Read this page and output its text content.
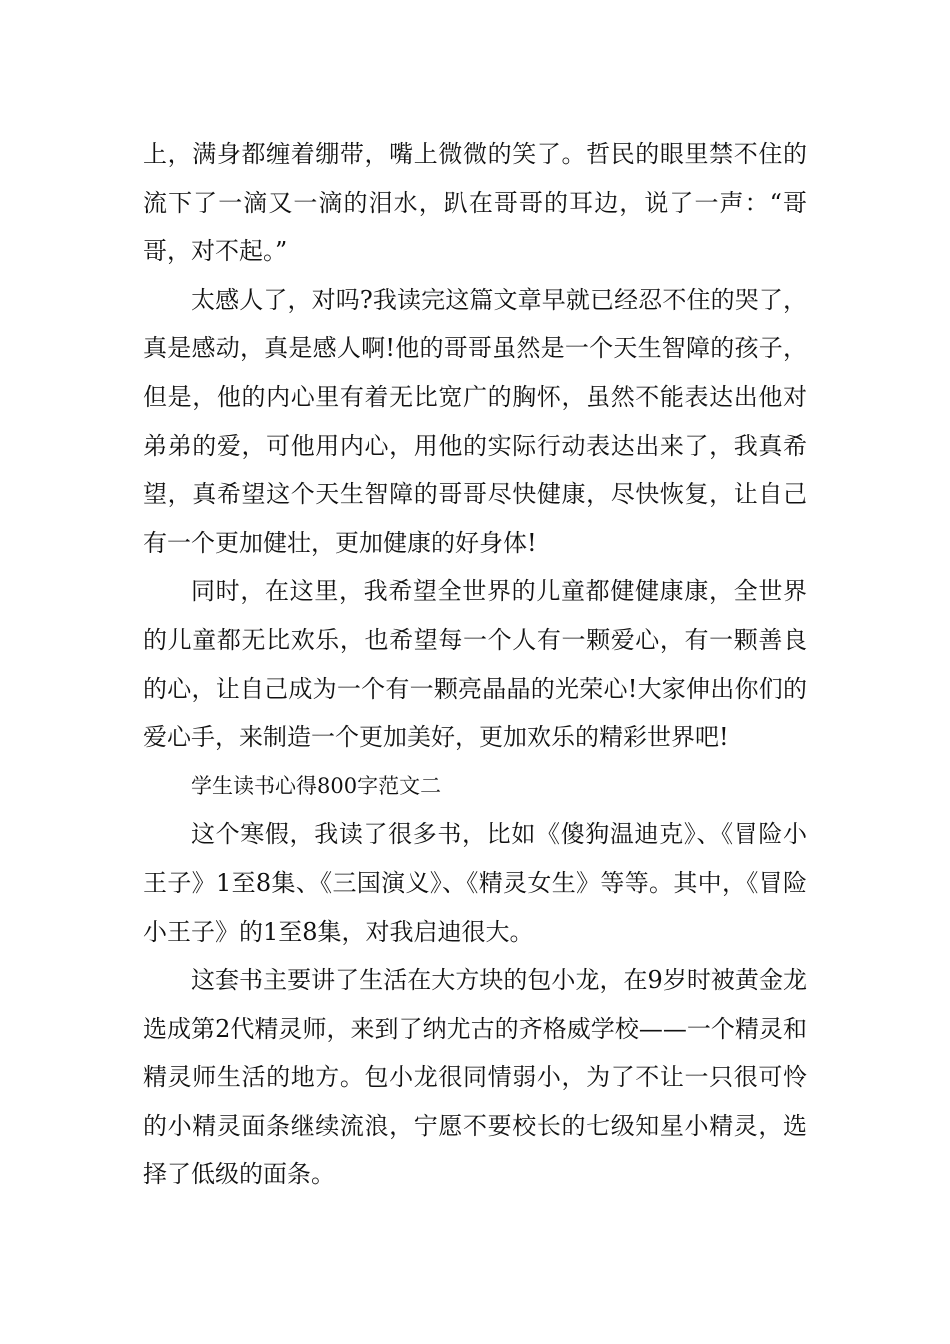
上，满身都缠着绷带，嘴上微微的笑了。哲民的眼里禁不住的流下了一滴又一滴的泪水，趴在哥哥的耳边，说了一声：“哥哥，对不起。”

太感人了，对吗?我读完这篇文章早就已经忍不住的哭了，真是感动，真是感人啊!他的哥哥虽然是一个天生智障的孩子，但是，他的内心里有着无比宽广的胸怀，虽然不能表达出他对弟弟的爱，可他用内心，用他的实际行动表达出来了，我真希望，真希望这个天生智障的哥哥尽快健康，尽快恢复，让自己有一个更加健壮，更加健康的好身体!

同时，在这里，我希望全世界的儿童都健健康康，全世界的儿童都无比欢乐，也希望每一个人有一颗爱心，有一颗善良的心，让自己成为一个有一颗亮晶晶的光荣心!大家伸出你们的爱心手，来制造一个更加美好，更加欢乐的精彩世界吧!

学生读书心得800字范文二

这个寒假，我读了很多书，比如《傻狗温迪克》、《冒险小王子》1至8集、《三国演义》、《精灵女生》等等。其中，《冒险小王子》的1至8集，对我启迪很大。

这套书主要讲了生活在大方块的包小龙，在9岁时被黄金龙选成第2代精灵师，来到了纳尤古的齐格威学校——一个精灵和精灵师生活的地方。包小龙很同情弱小，为了不让一只很可怜的小精灵面条继续流浪，宁愿不要校长的七级知星小精灵，选择了低级的面条。
